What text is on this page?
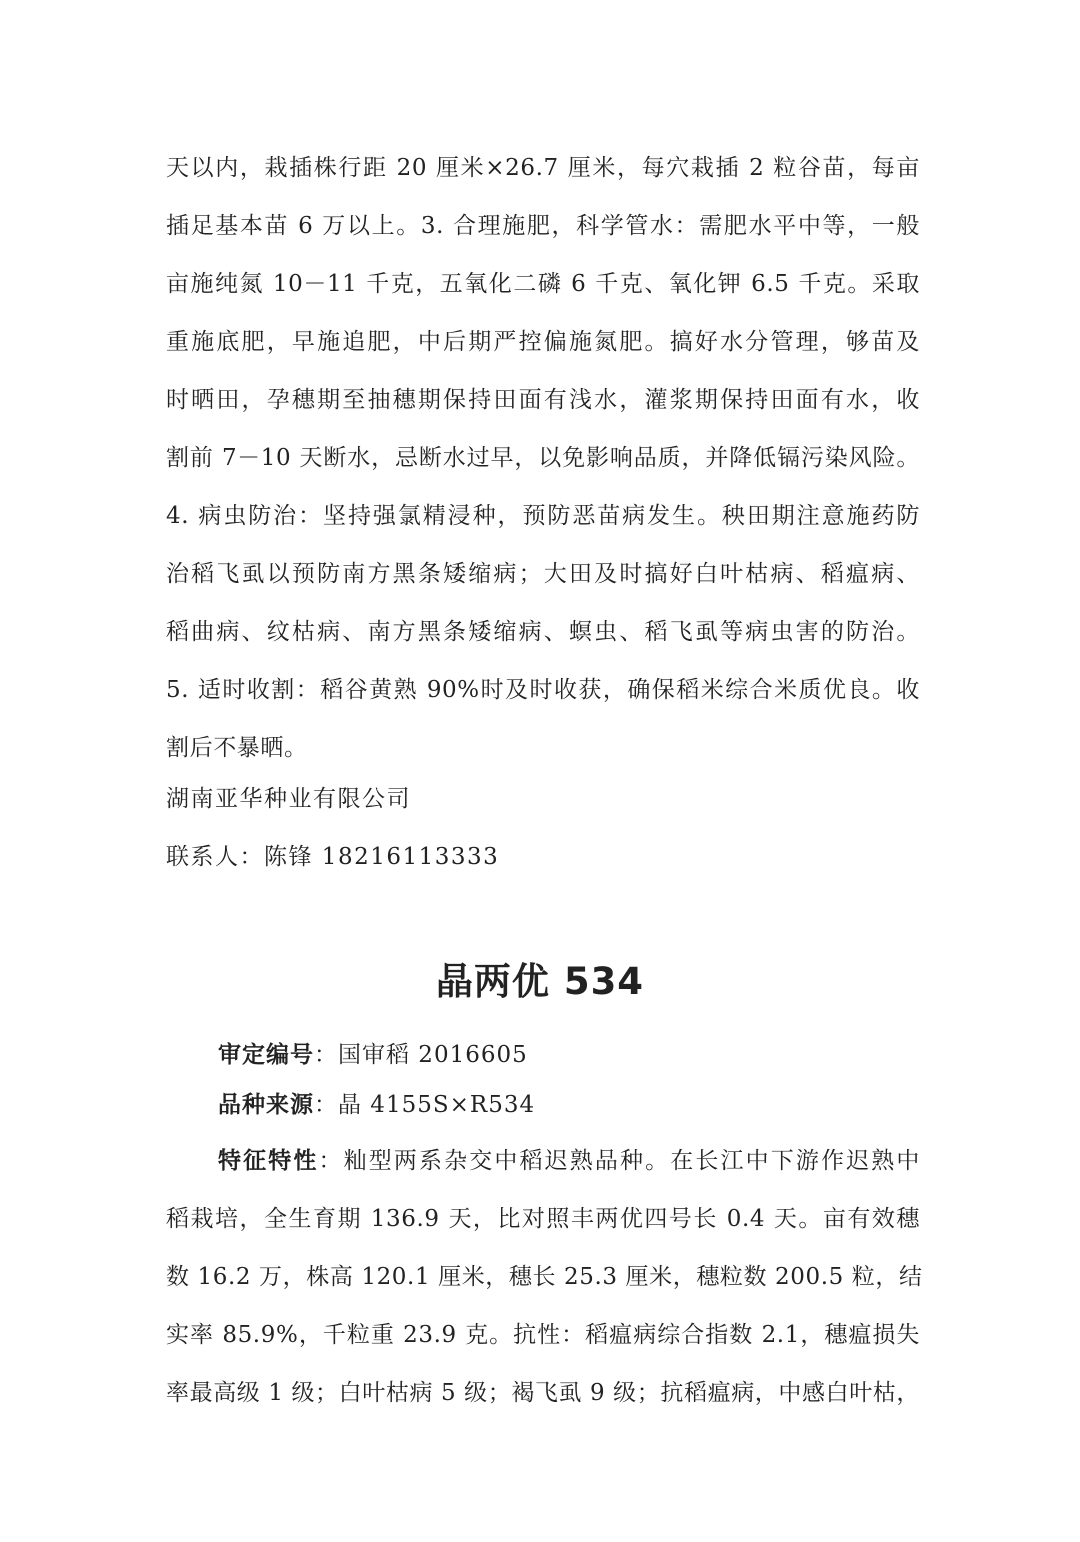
天以内，栽插株行距 20 厘米×26.7 厘米，每穴栽插 2 粒谷苗，每亩
插足基本苗 6 万以上。3. 合理施肥，科学管水：需肥水平中等，一般
亩施纯氮 10－11 千克，五氧化二磷 6 千克、氧化钾 6.5 千克。采取
重施底肥，早施追肥，中后期严控偏施氮肥。搞好水分管理，够苗及
时晒田，孕穗期至抽穗期保持田面有浅水，灌浆期保持田面有水，收
割前 7－10 天断水，忌断水过早，以免影响品质，并降低镉污染风险。
4. 病虫防治：坚持强氯精浸种，预防恶苗病发生。秧田期注意施药防
治稻飞虱以预防南方黑条矮缩病；大田及时搞好白叶枯病、稻瘟病、
稻曲病、纹枯病、南方黑条矮缩病、螟虫、稻飞虱等病虫害的防治。
5. 适时收割：稻谷黄熟 90%时及时收获，确保稻米综合米质优良。收
割后不暴晒。
湖南亚华种业有限公司
联系人：陈锋 18216113333
晶两优 534
审定编号：国审稻 2016605
品种来源：晶 4155S×R534
特征特性：籼型两系杂交中稻迟熟品种。在长江中下游作迟熟中
稻栽培，全生育期 136.9 天，比对照丰两优四号长 0.4 天。亩有效穗
数 16.2 万，株高 120.1 厘米，穗长 25.3 厘米，穗粒数 200.5 粒，结
实率 85.9%，千粒重 23.9 克。抗性：稻瘟病综合指数 2.1，穗瘟损失
率最高级 1 级；白叶枯病 5 级；褐飞虱 9 级；抗稻瘟病，中感白叶枯，
